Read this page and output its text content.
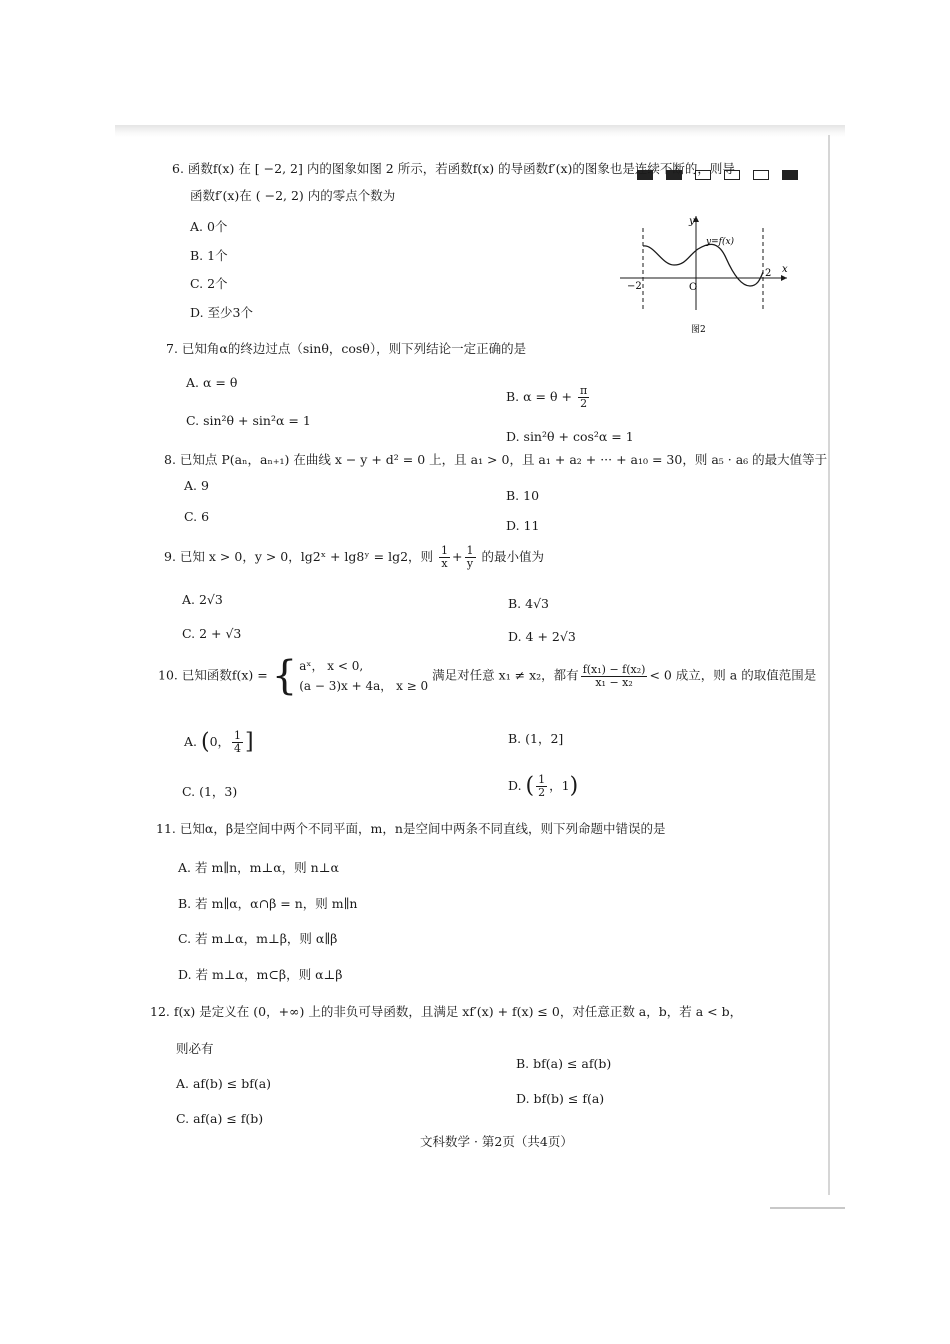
6. 函数f(x) 在 [ −2, 2] 内的图象如图 2 所示，若函数f(x) 的导函数f′(x)的图象也是连续不断的，则导
函数f′(x)在 ( −2, 2) 内的零点个数为
A. 0个
B. 1个
C. 2个
D. 至少3个
y
x
y=f(x)
−2
2
O
图2
7. 已知角α的终边过点（sinθ，cosθ），则下列结论一定正确的是
A. α = θ
B. $\alpha = \theta + \frac{\pi}{2}$
C. sin²θ + sin²α = 1
D. sin²θ + cos²α = 1
8. 已知点 P(aₙ，aₙ₊₁) 在曲线 x − y + d² = 0 上，且 a₁ > 0，且 a₁ + a₂ + ··· + a₁₀ = 30，则 a₅ · a₆ 的最大值等于
A. 9
B. 10
C. 6
D. 11
9. 已知 x > 0，y > 0，lg2ˣ + lg8ʸ = lg2，则 $\frac{1}{x} + \frac{1}{y}$ 的最小值为
A. 2√3	B. 4√3
C. 2 + √3	D. 4 + 2√3
10. 已知函数f(x) = { aˣ， x < 0,
(a − 3)x + 4a， x ≥ 0
满足对任意 x₁ ≠ x₂，都有 $\frac{\text{f(x₁) − f(x₂)}}{\text{x₁ − x₂}} < 0$ 成立，则 a 的取值范围是
A. (0， $\frac{1}{4}$ ]	B. (1，2]
C. (1，3)	D. ( $\frac{1}{2}$ ，1)
11. 已知α，β是空间中两个不同平面，m，n是空间中两条不同直线，则下列命题中错误的是
A. 若 m∥n，m⊥α，则 n⊥α
B. 若 m∥α，α∩β = n，则 m∥n
C. 若 m⊥α，m⊥β，则 α∥β
D. 若 m⊥α，m⊂β，则 α⊥β
12. f(x) 是定义在 (0，+∞) 上的非负可导函数，且满足 xf′(x) + f(x) ≤ 0，对任意正数 a，b，若 a < b，
则必有
A. af(b) ≤ bf(a)
B. bf(a) ≤ af(b)
C. af(a) ≤ f(b)
D. bf(b) ≤ f(a)
文科数学 · 第2页（共4页）
